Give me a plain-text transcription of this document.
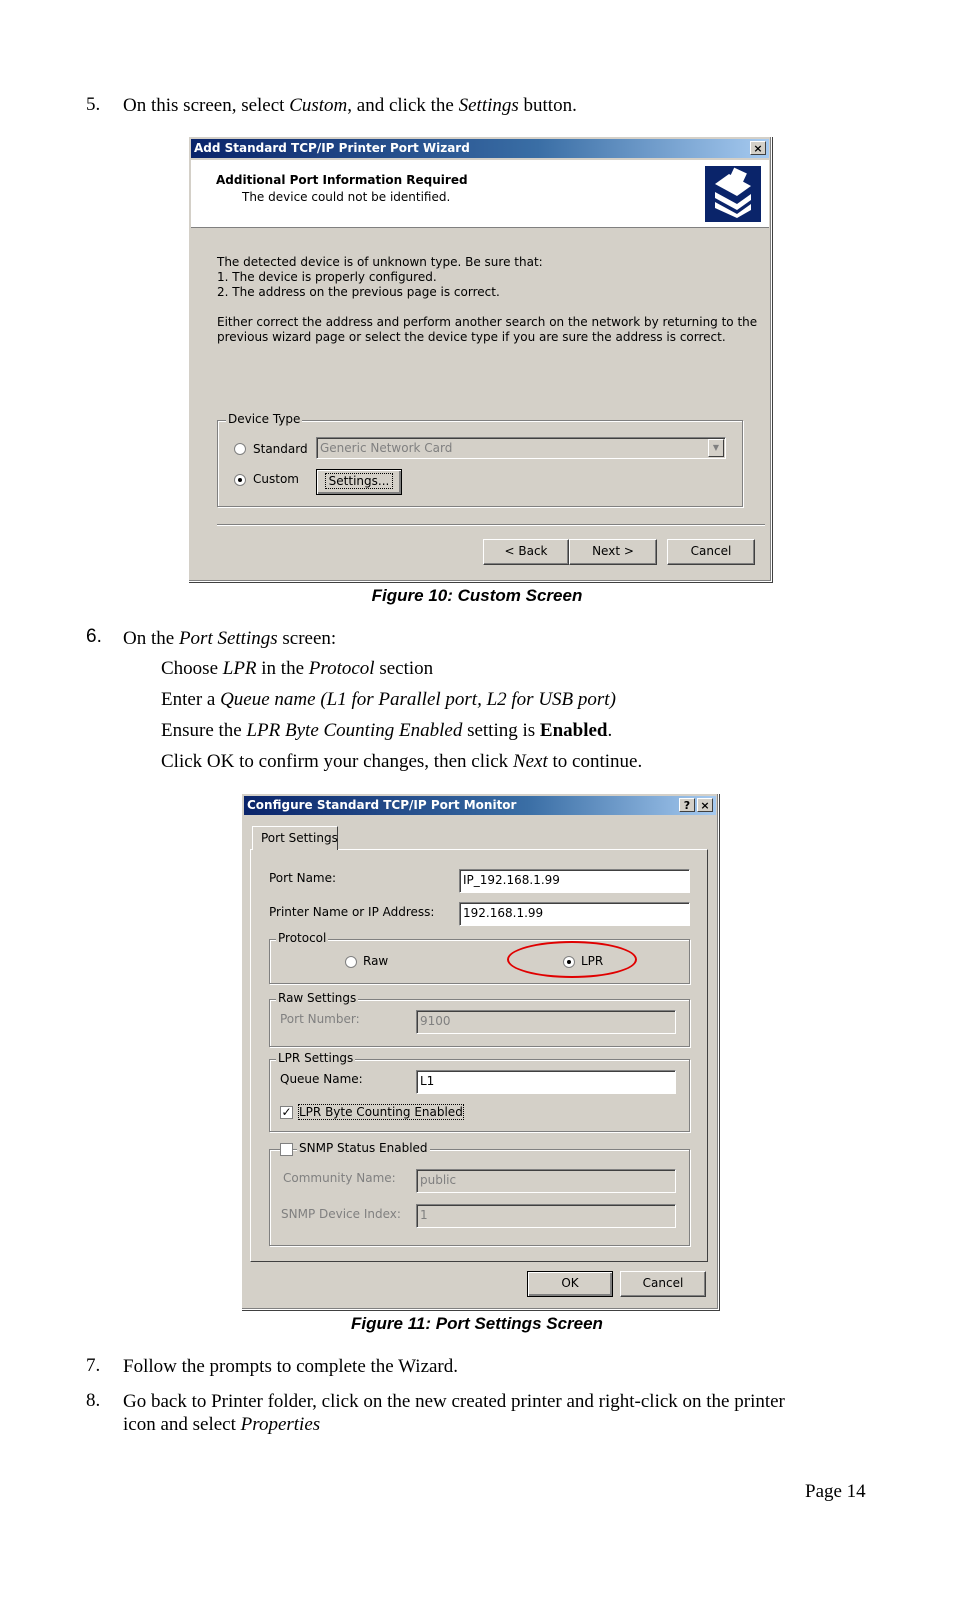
5. On this screen, select Custom, and click the Settings button.
Add Standard TCP/IP Printer Port Wizard	×
Additional Port Information Required
The device could not be identified.
The detected device is of unknown type. Be sure that:
1. The device is properly configured.
2. The address on the previous page is correct.
Either correct the address and perform another search on the network by returning to the
previous wizard page or select the device type if you are sure the address is correct.
Device Type
Standard	Generic Network Card	▼
Custom	Settings...
< Back	Next >	Cancel
Figure 10: Custom Screen
6. On the Port Settings screen:
Choose LPR in the Protocol section
Enter a Queue name (L1 for Parallel port, L2 for USB port)
Ensure the LPR Byte Counting Enabled setting is Enabled.
Click OK to confirm your changes, then click Next to continue.
Configure Standard TCP/IP Port Monitor	? ×
Port Settings
Port Name:	IP_192.168.1.99
Printer Name or IP Address:	192.168.1.99
Protocol
Raw	LPR
Raw Settings
Port Number:	9100
LPR Settings
Queue Name:	L1
✓ LPR Byte Counting Enabled
SNMP Status Enabled
Community Name:	public
SNMP Device Index:	1
OK	Cancel
Figure 11: Port Settings Screen
7. Follow the prompts to complete the Wizard.
8. Go back to Printer folder, click on the new created printer and right-click on the printer
icon and select Properties
Page 14
